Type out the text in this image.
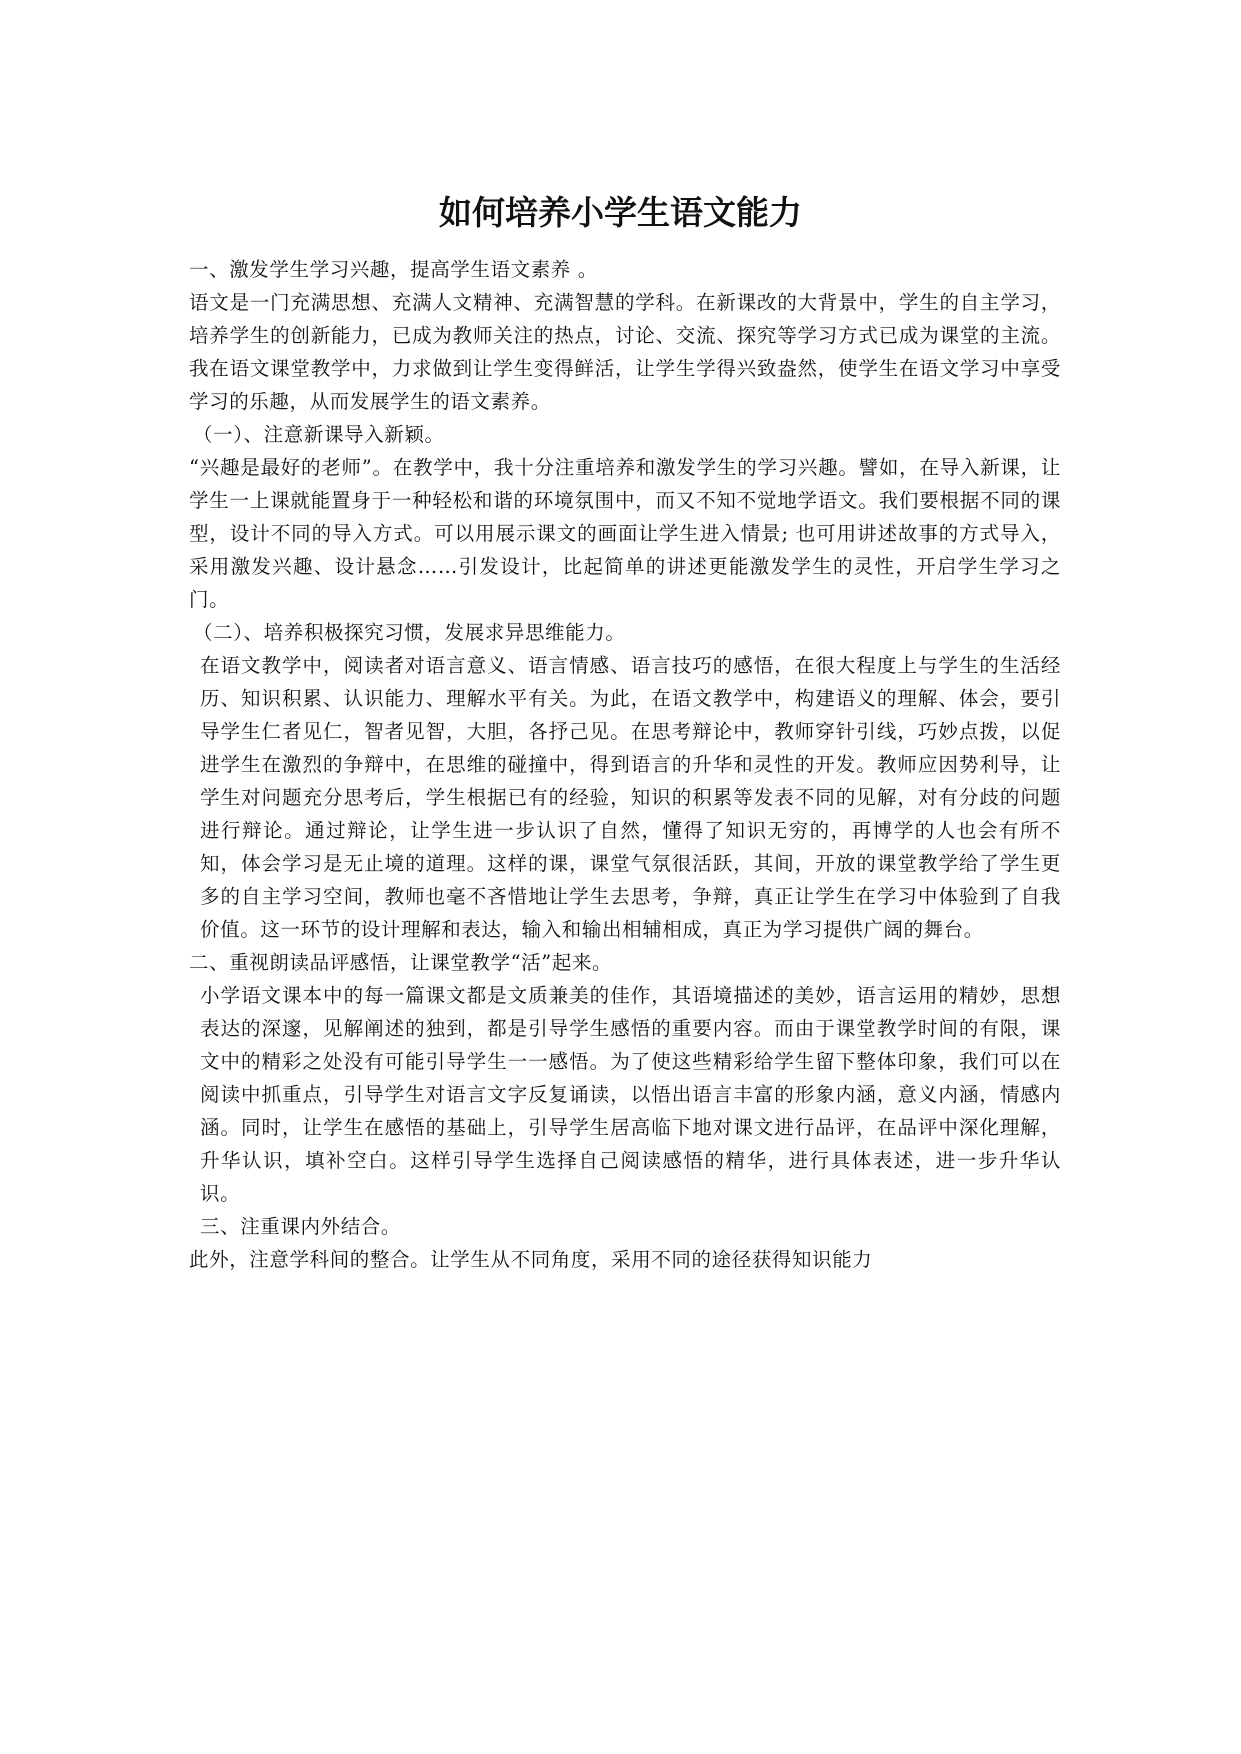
如何培养小学生语文能力

一、激发学生学习兴趣，提高学生语文素养 。

语文是一门充满思想、充满人文精神、充满智慧的学科。在新课改的大背景中，学生的自主学习，培养学生的创新能力，已成为教师关注的热点，讨论、交流、探究等学习方式已成为课堂的主流。我在语文课堂教学中，力求做到让学生变得鲜活，让学生学得兴致盎然，使学生在语文学习中享受学习的乐趣，从而发展学生的语文素养。

（一）、注意新课导入新颖。

“兴趣是最好的老师”。在教学中，我十分注重培养和激发学生的学习兴趣。譬如，在导入新课，让学生一上课就能置身于一种轻松和谐的环境氛围中，而又不知不觉地学语文。我们要根据不同的课型，设计不同的导入方式。可以用展示课文的画面让学生进入情景; 也可用讲述故事的方式导入，采用激发兴趣、设计悬念……引发设计，比起简单的讲述更能激发学生的灵性，开启学生学习之门。

（二）、培养积极探究习惯，发展求异思维能力。

在语文教学中，阅读者对语言意义、语言情感、语言技巧的感悟，在很大程度上与学生的生活经历、知识积累、认识能力、理解水平有关。为此，在语文教学中，构建语义的理解、体会，要引导学生仁者见仁，智者见智，大胆，各抒己见。在思考辩论中，教师穿针引线，巧妙点拨，以促进学生在激烈的争辩中，在思维的碰撞中，得到语言的升华和灵性的开发。教师应因势利导，让学生对问题充分思考后，学生根据已有的经验，知识的积累等发表不同的见解，对有分歧的问题进行辩论。通过辩论，让学生进一步认识了自然，懂得了知识无穷的，再博学的人也会有所不知，体会学习是无止境的道理。这样的课，课堂气氛很活跃，其间，开放的课堂教学给了学生更多的自主学习空间，教师也毫不吝惜地让学生去思考，争辩，真正让学生在学习中体验到了自我价值。这一环节的设计理解和表达，输入和输出相辅相成，真正为学习提供广阔的舞台。

二、重视朗读品评感悟，让课堂教学“活”起来。

小学语文课本中的每一篇课文都是文质兼美的佳作，其语境描述的美妙，语言运用的精妙，思想表达的深邃，见解阐述的独到，都是引导学生感悟的重要内容。而由于课堂教学时间的有限，课文中的精彩之处没有可能引导学生一一感悟。为了使这些精彩给学生留下整体印象，我们可以在阅读中抓重点，引导学生对语言文字反复诵读，以悟出语言丰富的形象内涵，意义内涵，情感内涵。同时，让学生在感悟的基础上，引导学生居高临下地对课文进行品评，在品评中深化理解，升华认识，填补空白。这样引导学生选择自己阅读感悟的精华，进行具体表述，进一步升华认识。

三、注重课内外结合。

此外，注意学科间的整合。让学生从不同角度，采用不同的途径获得知识能力
